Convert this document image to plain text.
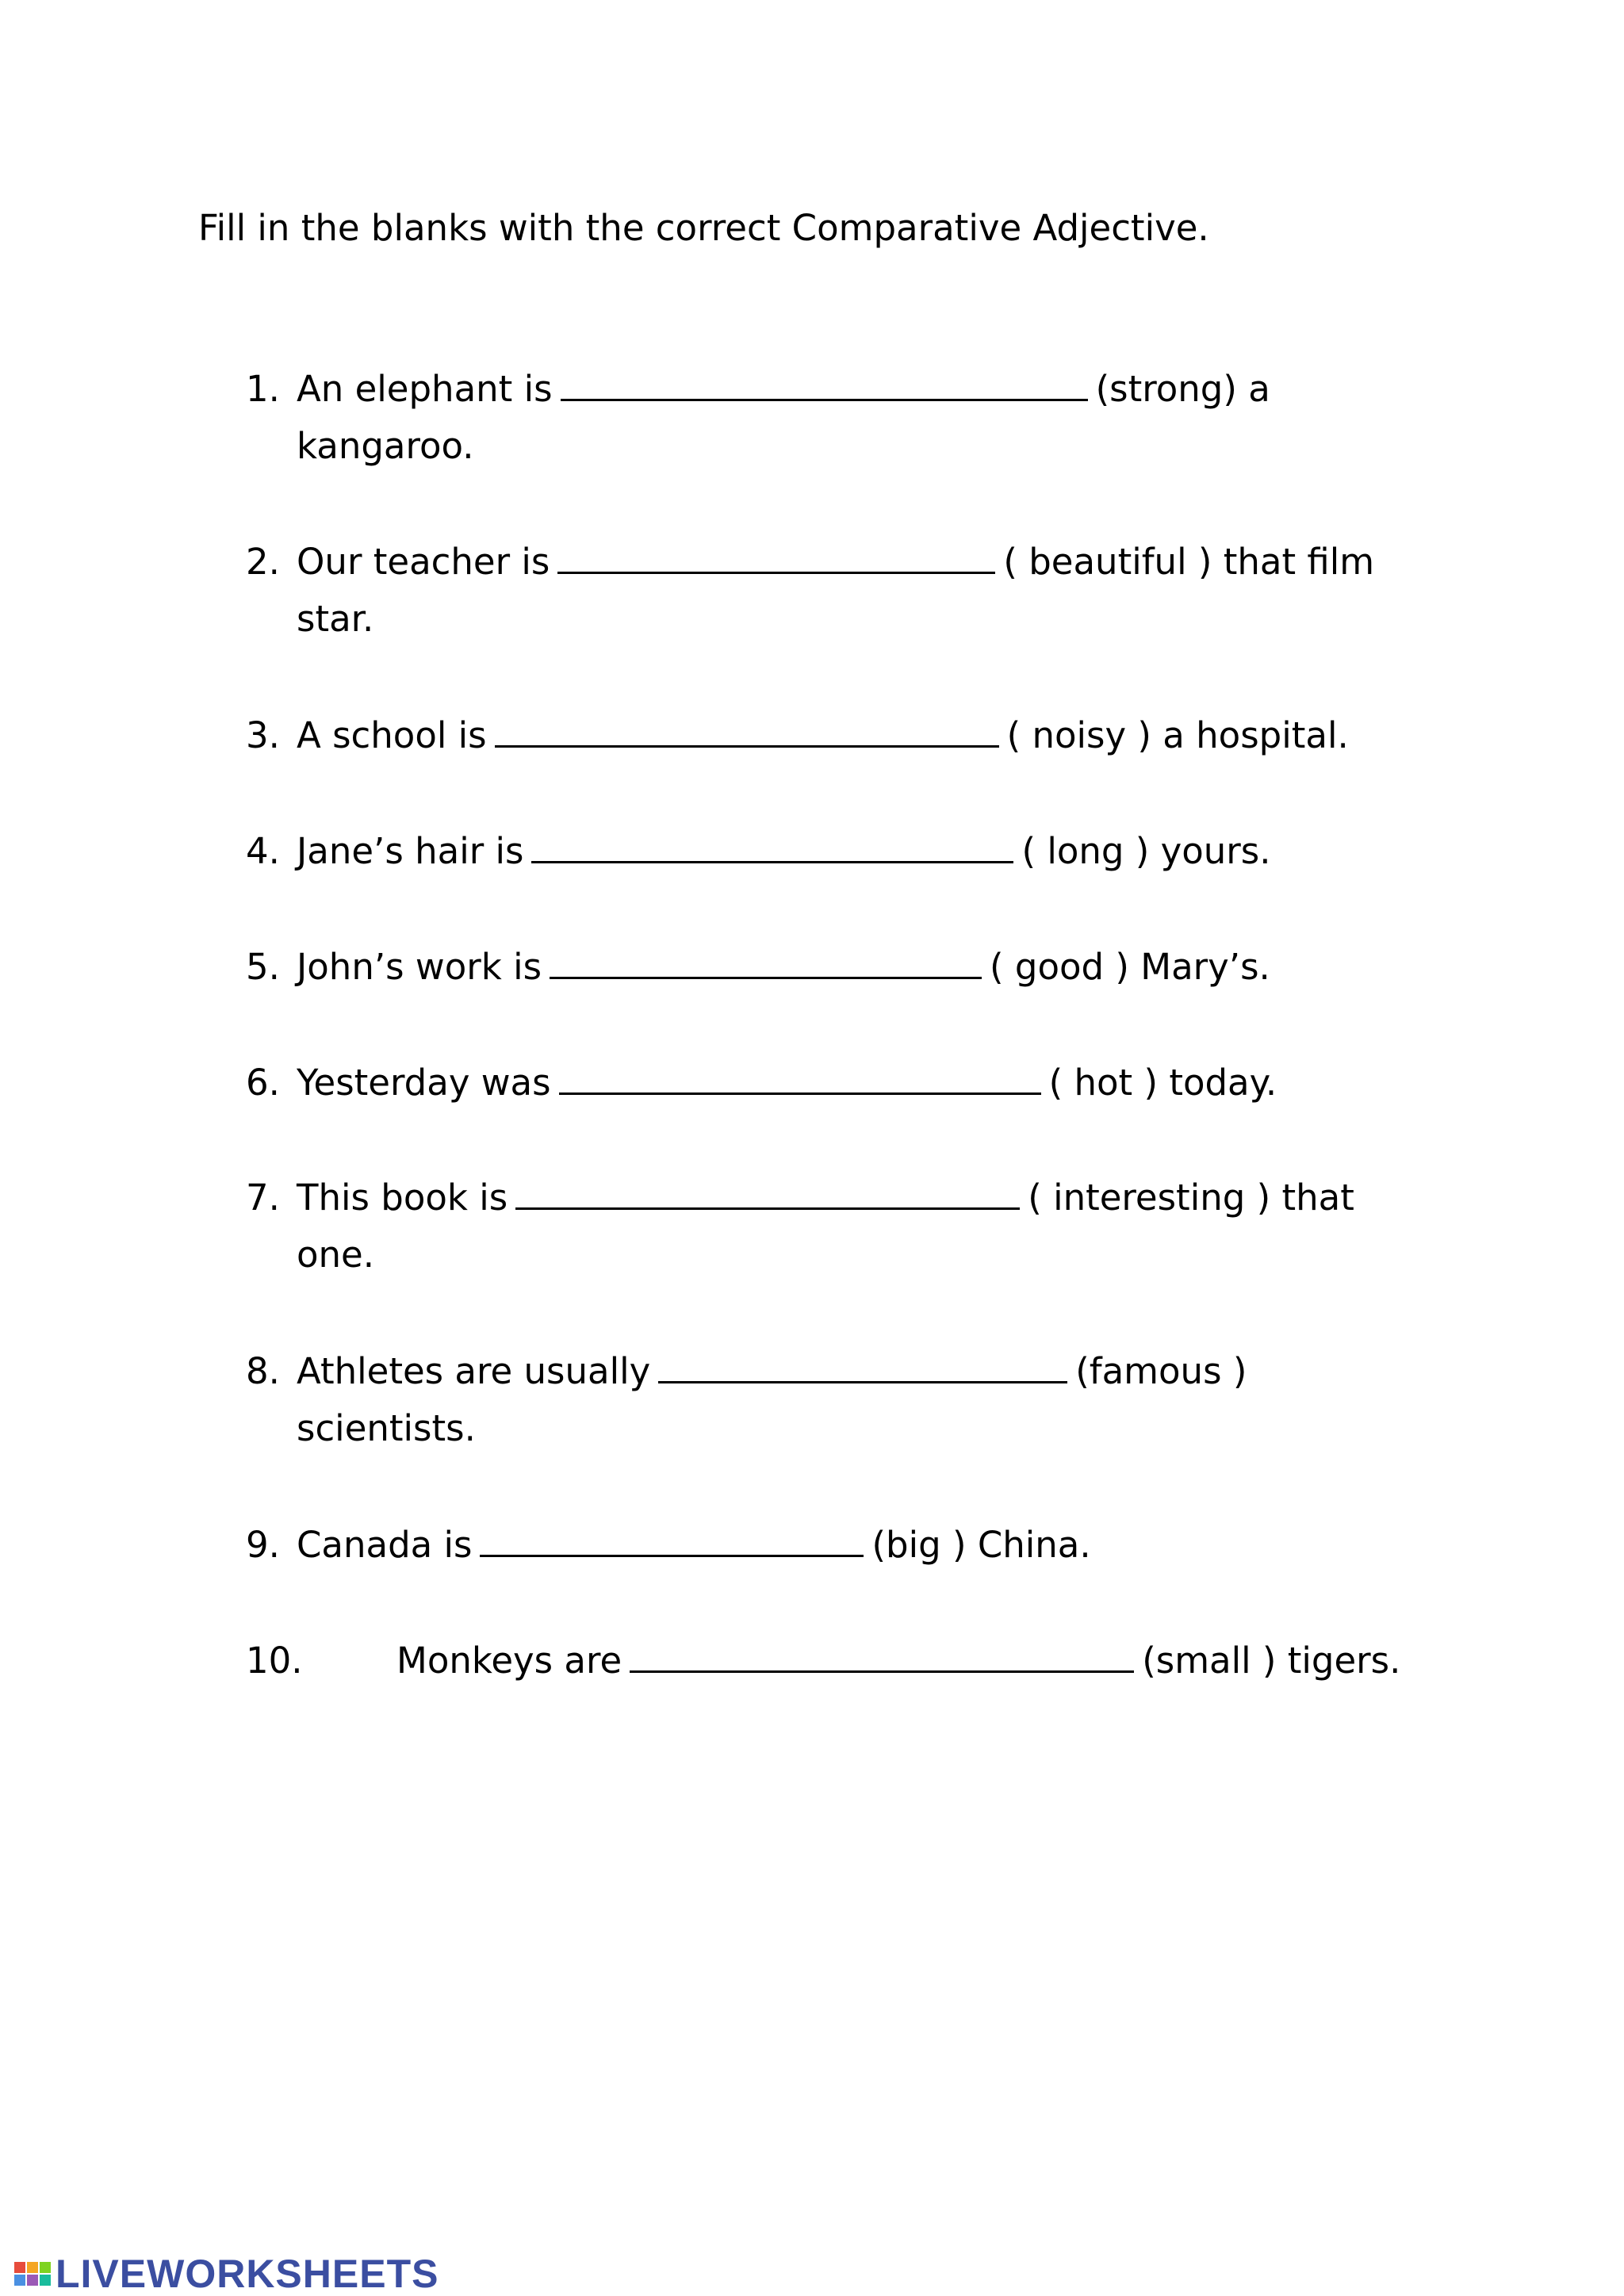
Fill in the blanks with the correct Comparative Adjective.
1. An elephant is	(strong) a
kangaroo.
2. Our teacher is	( beautiful ) that film
star.
3. A school is	( noisy ) a hospital.
4. Jane’s hair is	( long ) yours.
5. John’s work is	( good ) Mary’s.
6. Yesterday was	( hot ) today.
7. This book is	( interesting ) that
one.
8. Athletes are usually	(famous )
scientists.
9. Canada is	(big ) China.
10.	Monkeys are	(small ) tigers.
LIVEWORKSHEETS
